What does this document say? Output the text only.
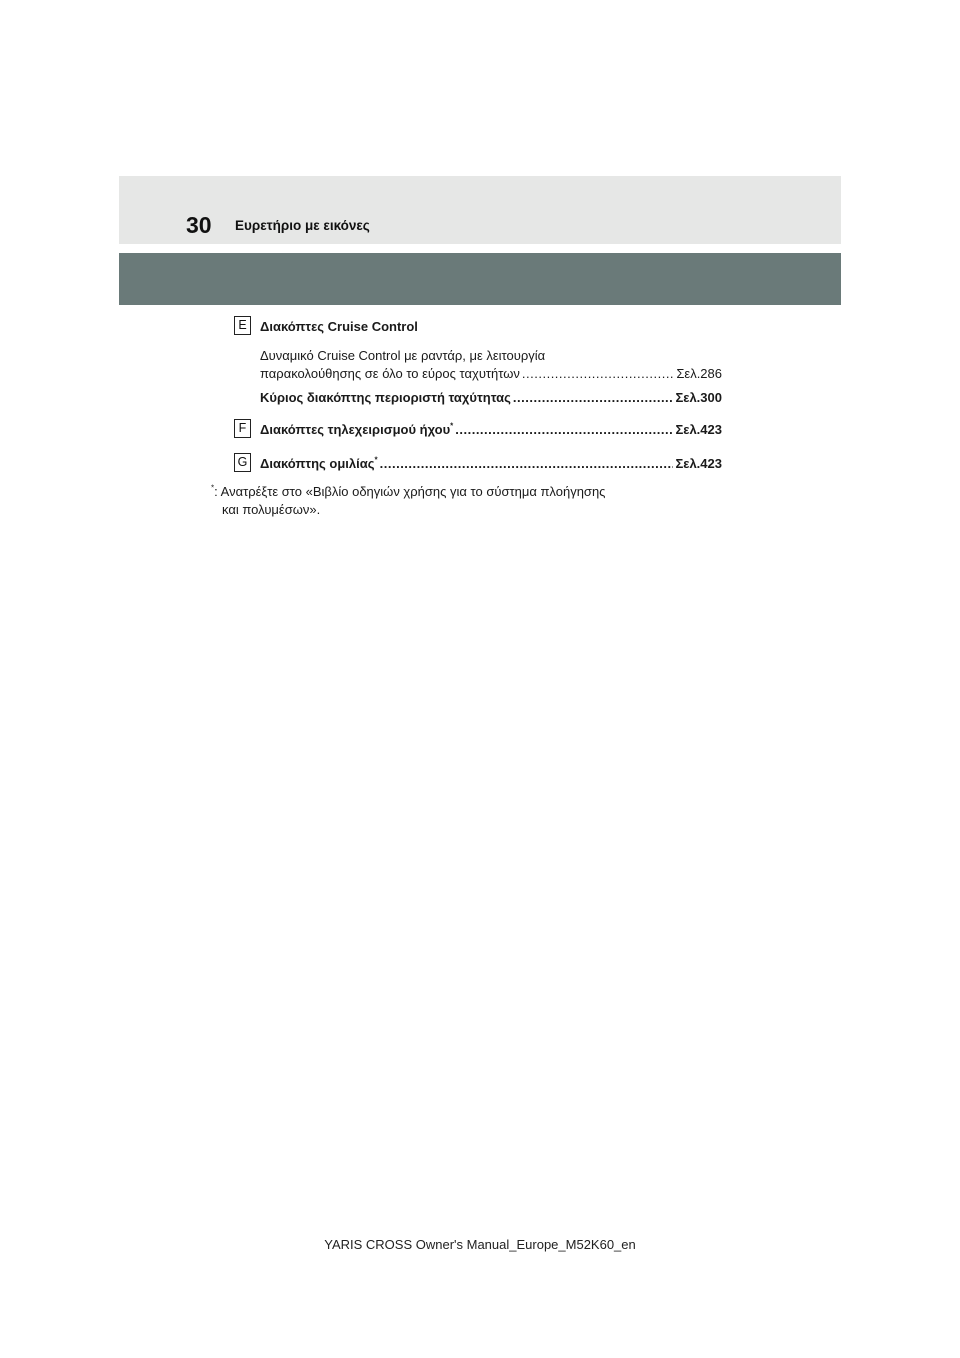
30 Ευρετήριο με εικόνες
E	Διακόπτες Cruise Control
Δυναμικό Cruise Control με ραντάρ, με λειτουργία
παρακολούθησης σε όλο το εύρος ταχυτήτων .....	Σελ.286
Κύριος διακόπτης περιοριστή ταχύτητας .....	Σελ.300
F	Διακόπτες τηλεχειρισμού ήχου* .....	Σελ.423
G Διακόπτης ομιλίας* .....	Σελ.423
*: Ανατρέξτε στο «Βιβλίο οδηγιών χρήσης για το σύστημα πλοήγησης
και πολυμέσων».
YARIS CROSS Owner's Manual_Europe_M52K60_en
